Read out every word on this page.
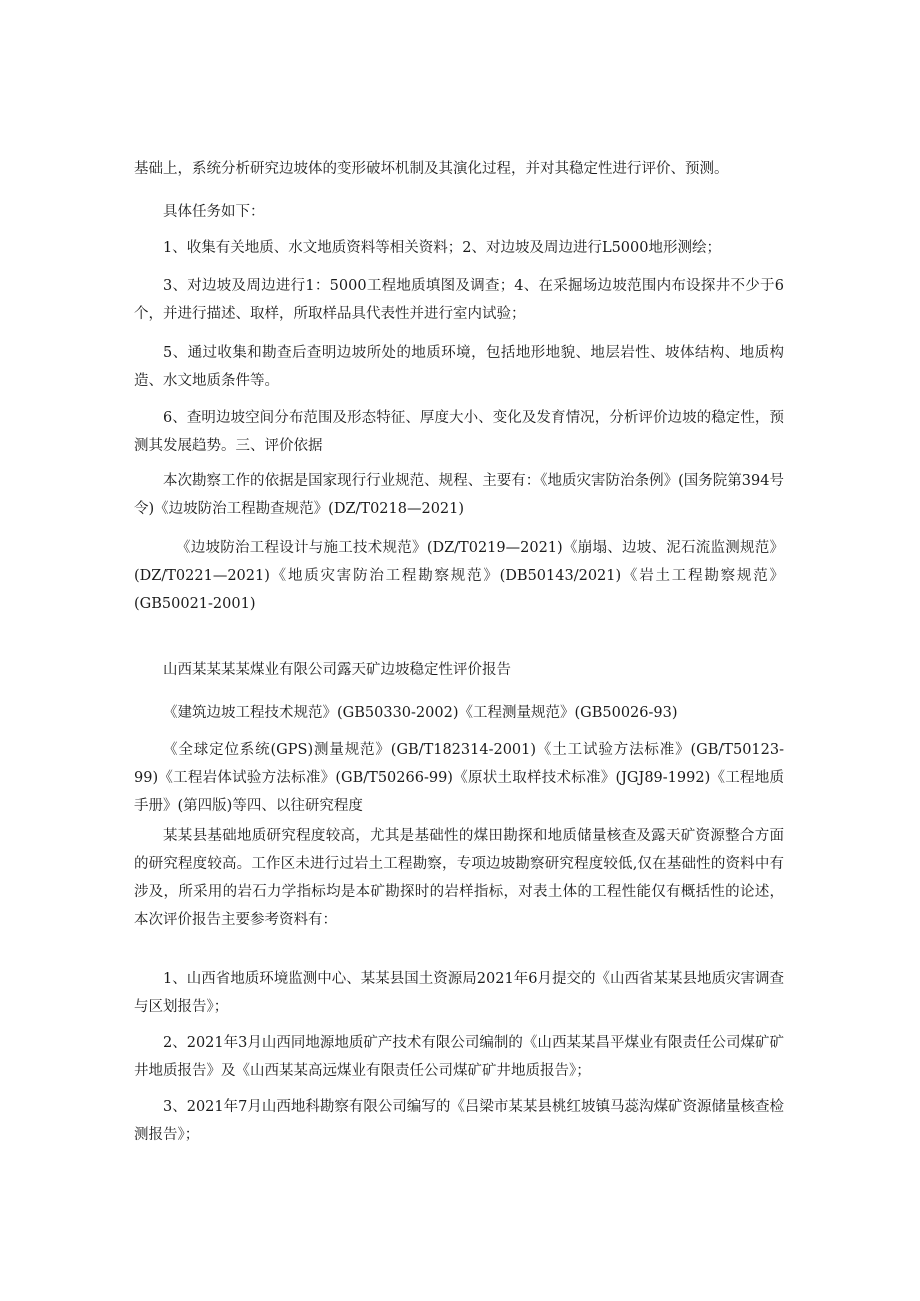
基础上，系统分析研究边坡体的变形破坏机制及其演化过程，并对其稳定性进行评价、预测。

具体任务如下：

1、收集有关地质、水文地质资料等相关资料；2、对边坡及周边进行L5000地形测绘；

3、对边坡及周边进行1：5000工程地质填图及调查；4、在采掘场边坡范围内布设探井不少于6个，并进行描述、取样，所取样品具代表性并进行室内试验；

5、通过收集和勘查后查明边坡所处的地质环境，包括地形地貌、地层岩性、坡体结构、地质构造、水文地质条件等。

6、查明边坡空间分布范围及形态特征、厚度大小、变化及发育情况，分析评价边坡的稳定性，预测其发展趋势。三、评价依据

本次勘察工作的依据是国家现行行业规范、规程、主要有：《地质灾害防治条例》(国务院第394号令)《边坡防治工程勘查规范》(DZ/T0218—2021)

《边坡防治工程设计与施工技术规范》(DZ/T0219—2021)《崩塌、边坡、泥石流监测规范》(DZ/T0221—2021)《地质灾害防治工程勘察规范》(DB50143/2021)《岩土工程勘察规范》(GB50021-2001)

山西某某某某煤业有限公司露天矿边坡稳定性评价报告

《建筑边坡工程技术规范》(GB50330-2002)《工程测量规范》(GB50026-93)

《全球定位系统(GPS)测量规范》(GB/T182314-2001)《土工试验方法标准》(GB/T50123-99)《工程岩体试验方法标准》(GB/T50266-99)《原状土取样技术标准》(JGJ89-1992)《工程地质手册》(第四版)等四、以往研究程度

某某县基础地质研究程度较高，尤其是基础性的煤田勘探和地质储量核查及露天矿资源整合方面的研究程度较高。工作区未进行过岩土工程勘察，专项边坡勘察研究程度较低,仅在基础性的资料中有涉及，所采用的岩石力学指标均是本矿勘探时的岩样指标，对表土体的工程性能仅有概括性的论述，本次评价报告主要参考资料有：

1、山西省地质环境监测中心、某某县国土资源局2021年6月提交的《山西省某某县地质灾害调查与区划报告》；

2、2021年3月山西同地源地质矿产技术有限公司编制的《山西某某昌平煤业有限责任公司煤矿矿井地质报告》及《山西某某高远煤业有限责任公司煤矿矿井地质报告》；

3、2021年7月山西地科勘察有限公司编写的《吕梁市某某县桃红坡镇马蕊沟煤矿资源储量核查检测报告》；
